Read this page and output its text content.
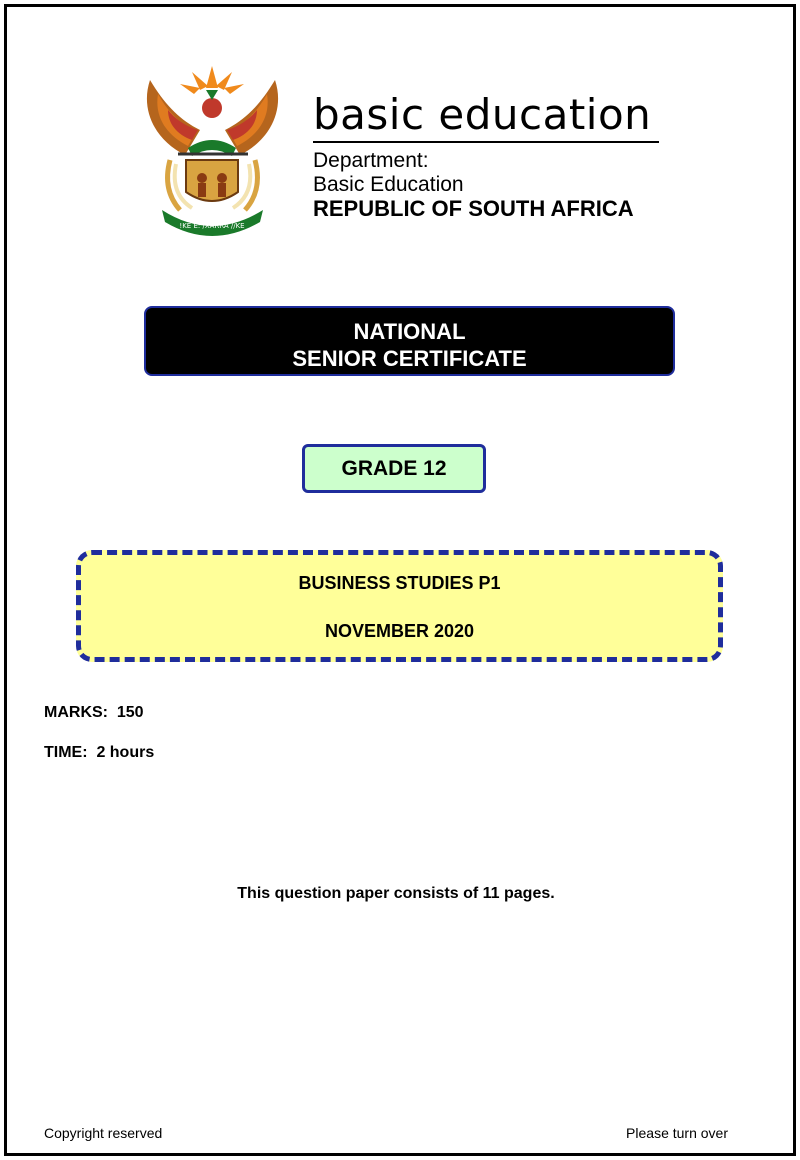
!KE E: /XARRA //KE
basic education
Department:
Basic Education
REPUBLIC OF SOUTH AFRICA
NATIONAL
SENIOR CERTIFICATE
GRADE 12
BUSINESS STUDIES P1
NOVEMBER 2020
MARKS:  150
TIME:  2 hours
This question paper consists of 11 pages.
Copyright reserved	Please turn over
